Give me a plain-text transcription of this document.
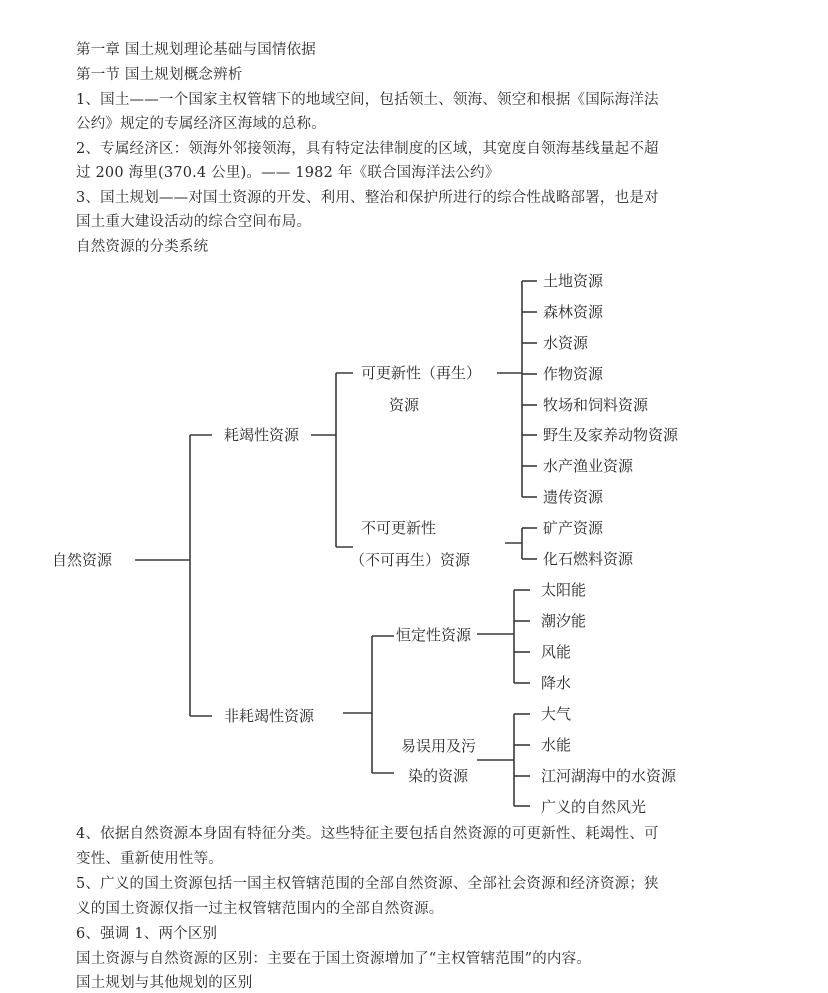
第一章 国土规划理论基础与国情依据
第一节 国土规划概念辨析
1、国土——一个国家主权管辖下的地域空间，包括领土、领海、领空和根据《国际海洋法
公约》规定的专属经济区海域的总称。
2、专属经济区：领海外邻接领海，具有特定法律制度的区域，其宽度自领海基线量起不超
过 200 海里(370.4 公里)。—— 1982 年《联合国海洋法公约》
3、国土规划——对国土资源的开发、利用、整治和保护所进行的综合性战略部署，也是对
国土重大建设活动的综合空间布局。
自然资源的分类系统
自然资源
耗竭性资源
可更新性（再生）
资源
土地资源
森林资源
水资源
作物资源
牧场和饲料资源
野生及家养动物资源
水产渔业资源
遗传资源
不可更新性
（不可再生）资源
矿产资源
化石燃料资源
非耗竭性资源
恒定性资源
太阳能
潮汐能
风能
降水
易误用及污
染的资源
大气
水能
江河湖海中的水资源
广义的自然风光
4、依据自然资源本身固有特征分类。这些特征主要包括自然资源的可更新性、耗竭性、可
变性、重新使用性等。
5、广义的国土资源包括一国主权管辖范围的全部自然资源、全部社会资源和经济资源；狭
义的国土资源仅指一过主权管辖范围内的全部自然资源。
6、强调 1、两个区别
国土资源与自然资源的区别：主要在于国土资源增加了“主权管辖范围”的内容。
国土规划与其他规划的区别
